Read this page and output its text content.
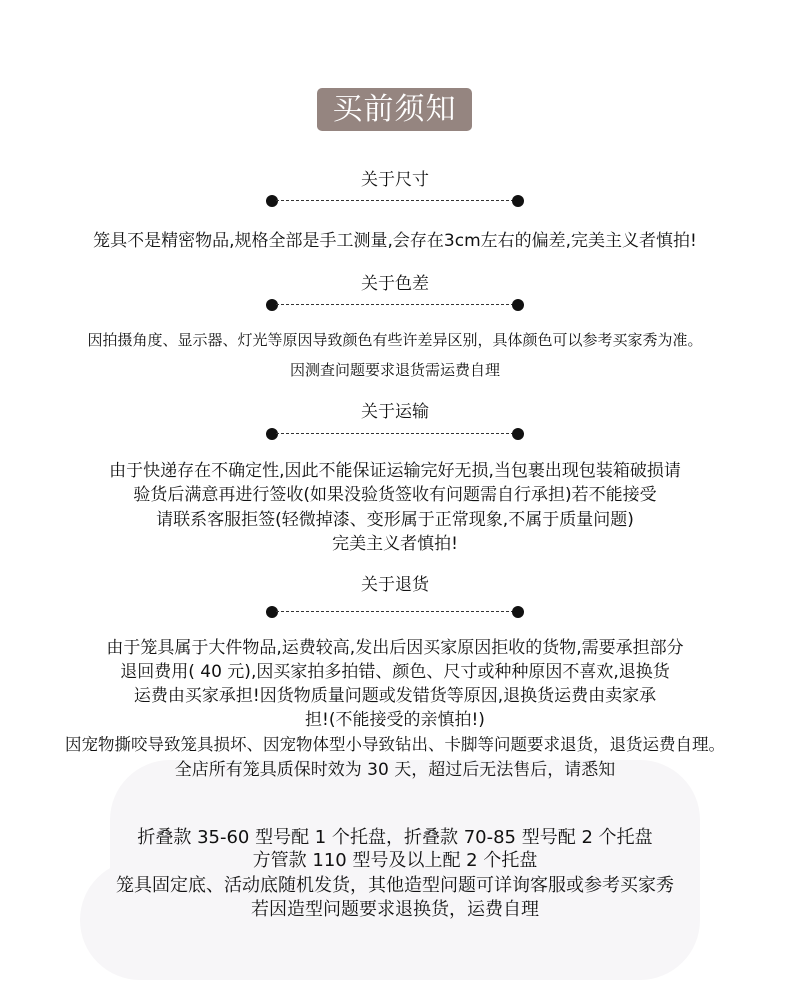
买前须知
关于尺寸
笼具不是精密物品,规格全部是手工测量,会存在3cm左右的偏差,完美主义者慎拍!
关于色差
因拍摄角度、显示器、灯光等原因导致颜色有些许差异区别，具体颜色可以参考买家秀为准。
因测查问题要求退货需运费自理
关于运输
由于快递存在不确定性,因此不能保证运输完好无损,当包裹出现包装箱破损请
验货后满意再进行签收(如果没验货签收有问题需自行承担)若不能接受
请联系客服拒签(轻微掉漆、变形属于正常现象,不属于质量问题)
完美主义者慎拍!
关于退货
由于笼具属于大件物品,运费较高,发出后因买家原因拒收的货物,需要承担部分
退回费用( 40 元),因买家拍多拍错、颜色、尺寸或种种原因不喜欢,退换货
运费由买家承担!因货物质量问题或发错货等原因,退换货运费由卖家承
担!(不能接受的亲慎拍!)
因宠物撕咬导致笼具损坏、因宠物体型小导致钻出、卡脚等问题要求退货，退货运费自理。
全店所有笼具质保时效为 30 天，超过后无法售后，请悉知
折叠款 35-60 型号配 1 个托盘，折叠款 70-85 型号配 2 个托盘
方管款 110 型号及以上配 2 个托盘
笼具固定底、活动底随机发货，其他造型问题可详询客服或参考买家秀
若因造型问题要求退换货，运费自理
